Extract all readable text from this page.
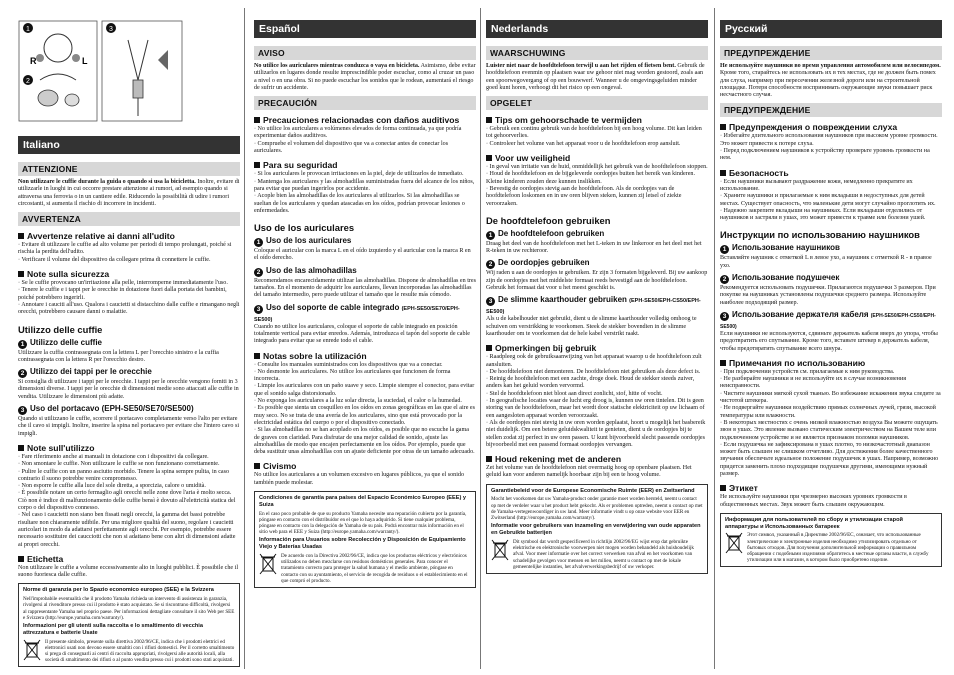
R	L
1
2
3
Italiano
ATTENZIONE

Non utilizzare le cuffie durante la guida o quando si usa la bicicletta. Inoltre, evitare di utilizzarle in luoghi in cui occorre prestare attenzione ai rumori, ad esempio quando si attraversa una ferrovia o in un cantiere edile. Riducendo la possibilità di udire i rumori circostanti, si aumenta il rischio di incorrere in incidenti.

AVVERTENZA
Avvertenze relative ai danni all'udito

· Evitare di utilizzare le cuffie ad alto volume per periodi di tempo prolungati, poiché si rischia la perdita dell'udito.
· Verificare il volume del dispositivo da collegare prima di connettere le cuffie.

Note sulla sicurezza

· Se le cuffie provocano un'irritazione alla pelle, interromperne immediatamente l'uso.
· Tenere le cuffie e i tappi per le orecchie in dotazione fuori dalla portata dei bambini, poiché potrebbero ingerirli.
· Annotare i cauciti all'uso. Qualora i caucietti si distacchino dalle cuffie e rimangano negli orecchi, potrebbero causare danni o malattie.

Utilizzo delle cuffie
1 Utilizzo delle cuffie

Utilizzare la cuffia contrassegnata con la lettera L per l'orecchio sinistro e la cuffia contrassegnata con la lettera R per l'orecchio destro.

2 Utilizzo dei tappi per le orecchie

Si consiglia di utilizzare i tappi per le orecchie. I tappi per le orecchie vengono forniti in 3 dimensioni diverse. I tappi per le orecchie di dimensioni medie sono attaccati alle cuffie in vendita. Utilizzare le dimensioni più adatte.

3 Uso del portacavo (EPH-SE50/SE70/SE500)

Quando si utilizzano le cuffie, scorrere il portacavo completamente verso l'alto per evitare che il cavo si impigli. Inoltre, inserire la spina nel portacavo per evitare che l'intero cavo si impigli.

Note sull'utilizzo

· Fare riferimento anche ai manuali in dotazione con i dispositivi da collegare.
· Non smontare le cuffie. Non utilizzare le cuffie se non funzionano correttamente.
· Pulire le cuffie con un panno asciutto morbido. Tenere la spina sempre pulita, in caso contrario il suono potrebbe venire compromesso.
· Non esporre le cuffie alla luce del sole diretta, a sporcizia, calore o umidità.
· È possibile notare un certo fermaglio agli orecchi nelle zone dove l'aria è molto secca. Ciò non è indice di malfunzionamento delle cuffie bensì è dovuto all'elettricità statica del corpo o del dispositivo connesso.
· Nel caso i caucietti non siano ben fissati negli orecchi, la gamma dei bassi potrebbe risultare non chiaramente udibile. Per una migliore qualità del suono, regolare i caucietti auricolari in modo da adattarsi perfettamente agli orecchi. Per esempio, potrebbe essere necessario sostituire dei caucciotti che non si adattano bene con altri di dimensioni adatte ai propri orecchi.

Etichetta

Non utilizzare le cuffie a volume eccessivamente alto in luoghi pubblici. È possibile che il suono fuoriesca dalle cuffie.

Norme di garanzia per lo Spazio economico europeo (SEE) e la Svizzera
Nell'improbabile eventualità che il prodotto Yamaha richieda un intervento di assistenza in garanzia, rivolgersi al rivenditore presso cui il prodotto è stato acquistato. Se si riscontrano difficoltà, rivolgersi al rappresentante Yamaha nel proprio paese. Per informazioni dettagliate consultare il sito Web per SEE e Svizzera (http://europe.yamaha.com/warranty/).
Informazioni per gli utenti sulla raccolta e lo smaltimento di vecchia attrezzatura e batterie Usate
Il presente simbolo, presente sulla direttiva 2002/96/CE, indica che i prodotti elettrici ed elettronici usati non devono essere smaltiti con i rifiuti domestici. Per il corretto smaltimento si prega di consegnarli ai centri di raccolta appropriati, rivolgersi alle autorità locali, alla società di smaltimento dei rifiuti o al punto vendita presso cui i prodotti sono stati acquistati.
Español
AVISO

No utilice los auriculares mientras conduzca o vaya en bicicleta. Asimismo, debe evitar utilizarlos en lugares donde resulte imprescindible poder escuchar, como al cruzar un paso a nivel o en una obra. Si no puede escuchar los sonidos que le rodean, aumentará el riesgo de sufrir un accidente.

PRECAUCIÓN
Precauciones relacionadas con daños auditivos

· No utilice los auriculares a volúmenes elevados de forma continuada, ya que podría experimentar daños auditivos.
· Compruebe el volumen del dispositivo que va a conectar antes de conectar los auriculares.

Para su seguridad

· Si los auriculares le provocan irritaciones en la piel, deje de utilizarlos de inmediato.
· Mantenga los auriculares y las almohadillas suministradas fuera del alcance de los niños, para evitar que puedan ingerirlos por accidente.
· Acople bien las almohadillas de los auriculares al utilizarlos. Si las almohadillas se sueltan de los auriculares y quedan atascadas en los oídos, podrían provocar lesiones o enfermedades.

Uso de los auriculares
1 Uso de los auriculares

Coloque el auricular con la marca L en el oído izquierdo y el auricular con la marca R en el oído derecho.

2 Uso de las almohadillas

Recomendamos encarecidamente utilizar las almohadillas. Dispone de almohadillas en tres tamaños. En el momento de adquirir los auriculares, llevan incorporadas las almohadillas del tamaño intermedio, pero puede utilizar el tamaño que le resulte más cómodo.

3 Uso del soporte de cable integrado (EPH-SE50/SE70/EPH-SE500)

Cuando no utilice los auriculares, coloque el soporte de cable integrado en posición totalmente vertical para evitar enredos. Además, introduzca el tapón del soporte de cable integrado para evitar que se enrede todo el cable.

Notas sobre la utilización

· Consulte los manuales suministrados con los dispositivos que va a conectar.
· No desmonte los auriculares. No utilice los auriculares que funcionen de forma incorrecta.
· Limpie los auriculares con un paño suave y seco. Limpie siempre el conector, para evitar que el sonido salga distorsionado.
· No exponga los auriculares a la luz solar directa, la suciedad, el calor o la humedad.
· Es posible que sienta un cosquilleo en los oídos en zonas geográficas en las que el aire es muy seco. No se trata de una avería de los auriculares, sino que está provocado por la electricidad estática del cuerpo o por el dispositivo conectado.
· Si las almohadillas no se han acoplado en los oídos, es posible que no escuche la gama de graves con claridad. Para disfrutar de una mejor calidad de sonido, ajuste las almohadillas de modo que encajen perfectamente en los oídos. Por ejemplo, puede que deba sustituir unas almohadillas con un ajuste deficiente por otras de un tamaño adecuado.

Civismo

No utilice los auriculares a un volumen excesivo en lugares públicos, ya que el sonido también puede molestar.

Condiciones de garantía para países del Espacio Económico Europeo (EEE) y Suiza
En el caso poco probable de que su producto Yamaha necesite una reparación cubierta por la garantía, póngase en contacto con el distribuidor en el que lo haya adquirido. Si tiene cualquier problema, póngase en contacto con la delegación de Yamaha de su país. Podrá encontrar más información en el sitio web para el EEE y Suiza (http://europe.yamaha.com/warranty/).
Información para Usuarios sobre Recolección y Disposición de Equipamiento Viejo y Baterías Usadas
De acuerdo con la Directiva 2002/96/CE, indica que los productos eléctricos y electrónicos utilizados no deben mezclarse con residuos domésticos generales. Para conocer el tratamiento correcto para proteger la salud humana y el medio ambiente, póngase en contacto con su ayuntamiento, el servicio de recogida de residuos o el establecimiento en el que compró el producto.
Nederlands
WAARSCHUWING

Luister niet naar de hoofdtelefoon terwijl u aan het rijden of fietsen bent. Gebruik de hoofdtelefoon evenmin op plaatsen waar uw gehoor niet mag worden gestoord, zoals aan een spoorwegovergang of op een bouwwerf. Wanneer u de omgevingsgeluiden minder goed kunt horen, verhoogt dit het risico op een ongeval.

OPGELET
Tips om gehoorschade te vermijden

· Gebruik een continu gebruik van de hoofdtelefoon bij een hoog volume. Dit kan leiden tot gehoorverlies.
· Controleer het volume van het apparaat voor u de hoofdtelefoon erop aansluit.

Voor uw veiligheid

· In geval van irritatie van de huid, onmiddellijk het gebruik van de hoofdtelefoon stoppen.
· Houd de hoofdtelefoon en de bijgeleverde oordopjes buiten het bereik van kinderen. Kleine kinderen zouden deze kunnen inslikken.
· Bevestig de oordopjes stevig aan de hoofdtelefoon. Als de oordopjes van de hoofdtelefoon loskomen en in uw oren blijven steken, kunnen zij letsel of ziekte veroorzaken.

De hoofdtelefoon gebruiken
1 De hoofdtelefoon gebruiken

Draag het deel van de hoofdtelefoon met het L-teken in uw linkeroor en het deel met het R-teken in uw rechteroor.

2 De oordopjes gebruiken

Wij raden u aan de oordopjes te gebruiken. Er zijn 3 formaten bijgeleverd. Bij uw aankoop zijn de oordopjes met het middelste formaat reeds bevestigd aan de hoofdtelefoon. Gebruik het formaat dat voor u het meest geschikt is.

3 De slimme kaarthouder gebruiken (EPH-SE50/EPH-CS50/EPH-SE500)

Als u de kabelhouder niet gebruikt, dient u de slimme kaarthouder volledig omhoog te schuiven om verstrikking te voorkomen. Steek de stekker bovendien in de slimme kaarthouder om te voorkomen dat de hele kabel verstrikt raakt.

Opmerkingen bij gebruik

· Raadpleeg ook de gebruiksaanwijzing van het apparaat waarop u de hoofdtelefoon zult aansluiten.
· De hoofdtelefoon niet demonteren. De hoofdtelefoon niet gebruiken als deze defect is.
· Reinig de hoofdtelefoon met een zachte, droge doek. Houd de stekker steeds zuiver, anders kan het geluid worden vervormd.
· Stel de hoofdtelefoon niet bloot aan direct zonlicht, stof, hitte of vocht.
· In geografische locaties waar de lucht erg droog is, kunnen uw oren tintelen. Dit is geen storing van de hoofdtelefoon, maar het wordt door statische elektriciteit op uw lichaam of een aangesloten apparaat worden veroorzaakt.
· Als de oordopjes niet stevig in uw oren worden geplaatst, hoort u mogelijk het basbereik niet duidelijk. Om een betere geluidskwaliteit te genieten, dient u de oordopjes bij te stellen zodat zij perfect in uw oren passen. U kunt bijvoorbeeld slecht passende oordopjes bijvoorbeeld met een passend formaat oordopjes vervangen.

Houd rekening met de anderen

Zet het volume van de hoofdtelefoon niet overmatig hoog op openbare plaatsen. Het geluid kan voor anderen namelijk hoorbaar zijn bij een te hoog volume.

Garantiebeleid voor de Europese Economische Ruimte (EER) en Zwitserland
Mocht het voorkomen dat uw Yamaha-product onder garantie moet worden hersteld, neemt u contact op met de verdeler waar u het product hebt gekocht. Als er problemen optreden, neemt u contact op met de Yamaha-vertegenwoordiger in uw land. Meer informatie vindt u op onze website voor EER en Zwitserland (http://europe.yamaha.com/warranty/).
Informatie voor gebruikers van inzameling en verwijdering van oude apparaten en Gebruikte batterijen
Dit symbool dat wordt gespecificeerd in richtlijn 2002/96/EG wijst erop dat gebruikte elektrische en elektronische voorwerpen niet mogen worden behandeld als huishoudelijk afval. Voor meer informatie over het correct verwerken van afval en het voorkomen van schadelijke gevolgen voor mensen en het milieu, neemt u contact op met de lokale gemeentelijke instanties, het afvalverwerkingsbedrijf of uw verkoper.
Русский
ПРЕДУПРЕЖДЕНИЕ

Не используйте наушники во время управления автомобилем или велосипедом. Кроме того, старайтесь не использовать их в тех местах, где не должен быть помех для слуха, например при пересечении железной дороги или на строительной площадке. Потеря способности воспринимать окружающие звуки повышает риск несчастного случая.

ПРЕДУПРЕЖДЕНИЕ
Предупреждения о повреждении слуха

· Избегайте длительного использования наушников при высоком уровне громкости. Это может привести к потере слуха.
· Перед подключением наушников к устройству проверьте уровень громкости на нем.

Безопасность

· Если наушники вызывают раздражение кожи, немедленно прекратите их использование.
· Храните наушники и прилагаемые к ним вкладыши в недоступных для детей местах. Существует опасность, что маленькие дети могут случайно проглотить их.
· Надежно закрепите вкладыши на наушниках. Если вкладыши отделились от наушников и застряли в ушах, это может привести к травме или болезни ушей.

Инструкции по использованию наушников
1 Использование наушников

Вставляйте наушник с отметкой L в левое ухо, а наушник с отметкой R - в правое ухо.

2 Использование подушечек

Рекомендуется использовать подушечки. Прилагаются подушечки 3 размеров. При покупке на наушниках установлены подушечки среднего размера. Используйте наиболее подходящий размер.

3 Использование держателя кабеля (EPH-SE50/EPH-CS50/EPH-SE500)

Если наушники не используются, сдвиньте держатель кабеля вверх до упора, чтобы предотвратить его спутывание. Кроме того, вставьте штекер в держатель кабеля, чтобы предотвратить спутывание всего шнура.

Примечания по использованию

· При подключении устройств см. прилагаемые к ним руководства.
· Не разбирайте наушники и не используйте их в случае возникновения неисправности.
· Чистите наушники мягкой сухой тканью. Во избежание искажения звука следите за чистотой штекера.
· Не подвергайте наушники воздействию прямых солнечных лучей, грязи, высокой температуры или влажности.
· В некоторых местностях с очень низкой влажностью воздуха Вы можете ощущать звон в ушах. Это явление вызвано статическим электричеством на Вашем теле или подключенном устройстве и не является признаком поломки наушников.
· Если подушечка не зафиксирована в ушах плотно, то низкочастотный диапазон может быть слышен не слишком отчетливо. Для достижения более качественного звучания обеспечьте идеальное положение подушечек в ушах. Например, возможно придется заменить плохо подходящие подушечки другими, имеющими нужный размер.

Этикет

Не используйте наушники при чрезмерно высоких уровнях громкости в общественных местах. Звук может быть слышен окружающим.

Информация для пользователей по сбору и утилизации старой аппаратуры и Использованных батареек
Этот символ, указанный в Директиве 2002/96/ЕС, означает, что использованные электрические и электронные изделия необходимо утилизировать отдельно от бытовых отходов. Для получения дополнительной информации о правильном обращении с подобными изделиями обратитесь в местные органы власти, в службу утилизации или в магазин, в котором было приобретено изделие.
